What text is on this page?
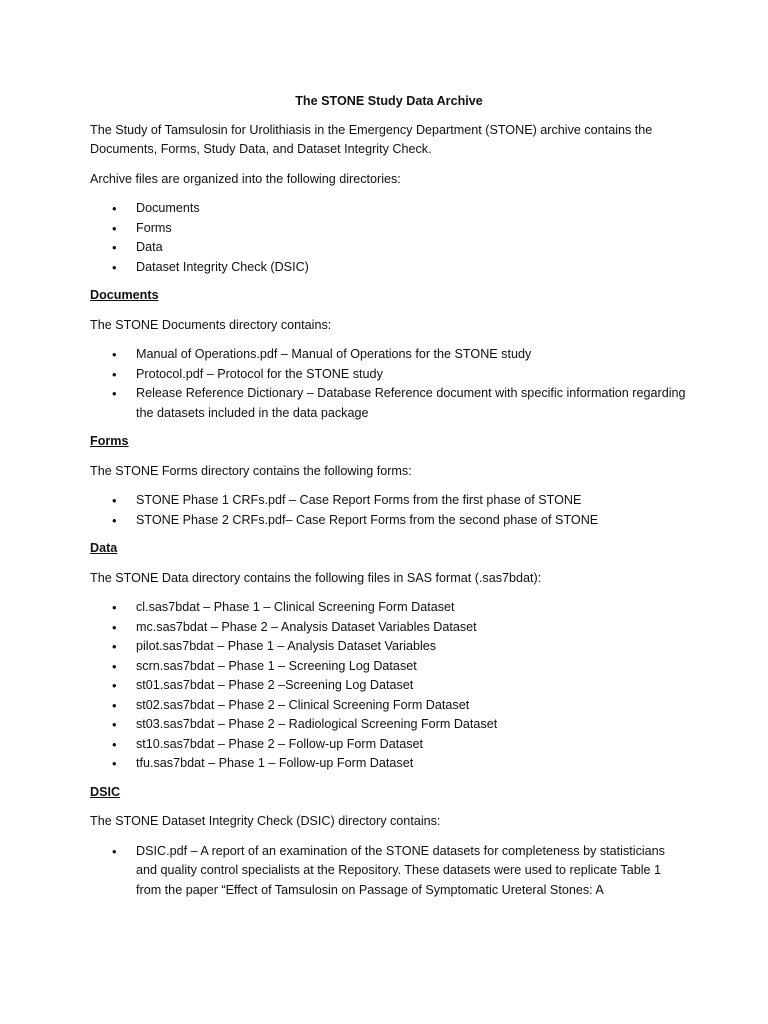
The STONE Study Data Archive

The Study of Tamsulosin for Urolithiasis in the Emergency Department (STONE) archive contains the Documents, Forms, Study Data, and Dataset Integrity Check.

Archive files are organized into the following directories:

• Documents
• Forms
• Data
• Dataset Integrity Check (DSIC)

Documents

The STONE Documents directory contains:

• Manual of Operations.pdf – Manual of Operations for the STONE study
• Protocol.pdf – Protocol for the STONE study
• Release Reference Dictionary – Database Reference document with specific information regarding the datasets included in the data package

Forms

The STONE Forms directory contains the following forms:

• STONE Phase 1 CRFs.pdf – Case Report Forms from the first phase of STONE
• STONE Phase 2 CRFs.pdf– Case Report Forms from the second phase of STONE

Data

The STONE Data directory contains the following files in SAS format (.sas7bdat):

• cl.sas7bdat – Phase 1 – Clinical Screening Form Dataset
• mc.sas7bdat – Phase 2 – Analysis Dataset Variables Dataset
• pilot.sas7bdat – Phase 1 – Analysis Dataset Variables
• scrn.sas7bdat – Phase 1 – Screening Log Dataset
• st01.sas7bdat – Phase 2 –Screening Log Dataset
• st02.sas7bdat – Phase 2 – Clinical Screening Form Dataset
• st03.sas7bdat – Phase 2 – Radiological Screening Form Dataset
• st10.sas7bdat – Phase 2 – Follow-up Form Dataset
• tfu.sas7bdat – Phase 1 – Follow-up Form Dataset

DSIC

The STONE Dataset Integrity Check (DSIC) directory contains:

• DSIC.pdf – A report of an examination of the STONE datasets for completeness by statisticians and quality control specialists at the Repository. These datasets were used to replicate Table 1 from the paper “Effect of Tamsulosin on Passage of Symptomatic Ureteral Stones: A
